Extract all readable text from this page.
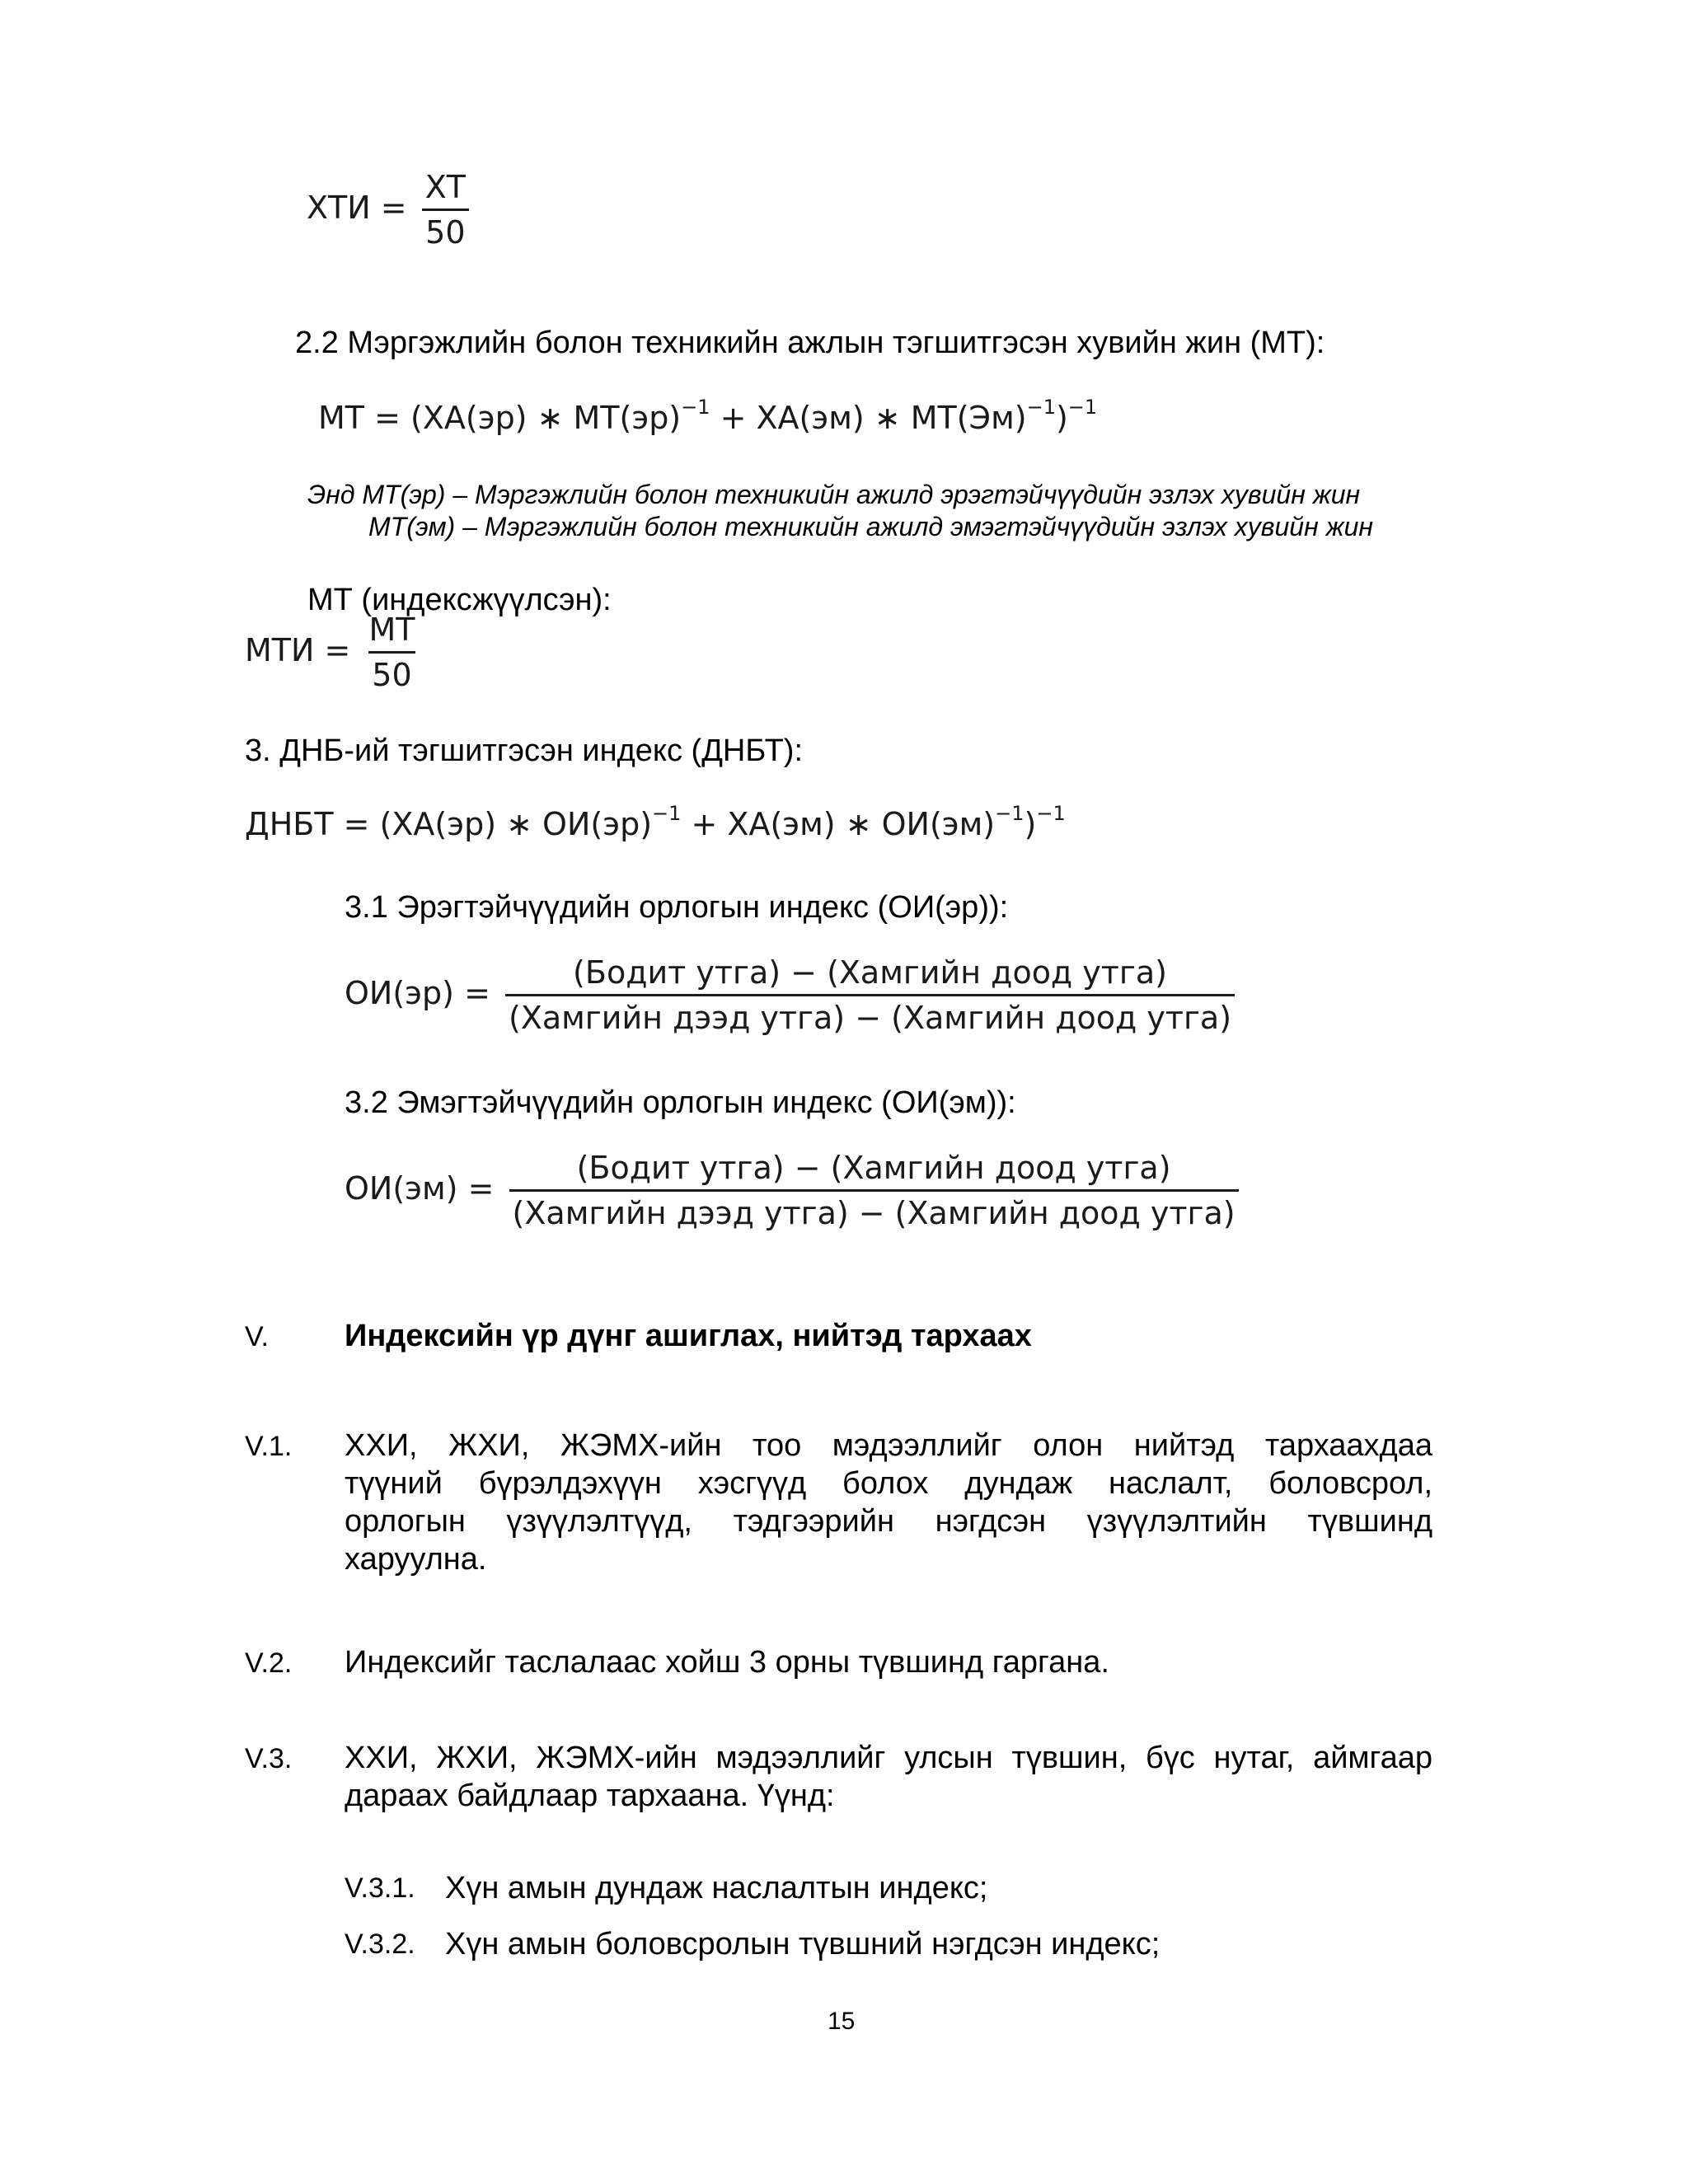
ХТИ = $\frac{ХТ}{50}$
2.2 Мэргэжлийн болон техникийн ажлын тэгшитгэсэн хувийн жин (МТ):
МТ = (ХА(эр) ∗ МТ(эр)$^{-1}$ + ХА(эм) ∗ МТ(Эм)$^{-1}$)$^{-1}$
Энд МТ(эр) – Мэргэжлийн болон техникийн ажилд эрэгтэйчүүдийн эзлэх хувийн жин
МТ(эм) – Мэргэжлийн болон техникийн ажилд эмэгтэйчүүдийн эзлэх хувийн жин
МТ (индексжүүлсэн):
МТИ = $\frac{МТ}{50}$
3. ДНБ-ий тэгшитгэсэн индекс (ДНБТ):
ДНБТ = (ХА(эр) ∗ ОИ(эр)$^{-1}$ + ХА(эм) ∗ ОИ(эм)$^{-1}$)$^{-1}$
3.1 Эрэгтэйчүүдийн орлогын индекс (ОИ(эр)):
$ОИ(эр) = \frac{\text{(Бодит утга) − (Хамгийн доод утга)}}{\text{(Хамгийн дээд утга) − (Хамгийн доод утга)}}$
3.2 Эмэгтэйчүүдийн орлогын индекс (ОИ(эм)):
$ОИ(эм) = \frac{\text{(Бодит утга) − (Хамгийн доод утга)}}{\text{(Хамгийн дээд утга) − (Хамгийн доод утга)}}$
V. Индексийн үр дүнг ашиглах, нийтэд тархаах
V.1. ХХИ, ЖХИ, ЖЭМХ-ийн тоо мэдээллийг олон нийтэд тархаахдаа
түүний бүрэлдэхүүн хэсгүүд болох дундаж наслалт, боловсрол,
орлогын үзүүлэлтүүд, тэдгээрийн нэгдсэн үзүүлэлтийн түвшинд
харуулна.
V.2. Индексийг таслалаас хойш 3 орны түвшинд гаргана.
V.3. ХХИ, ЖХИ, ЖЭМХ-ийн мэдээллийг улсын түвшин, бүс нутаг, аймгаар
дараах байдлаар тархаана. Үүнд:
V.3.1. Хүн амын дундаж наслалтын индекс;
V.3.2. Хүн амын боловсролын түвшний нэгдсэн индекс;
15
